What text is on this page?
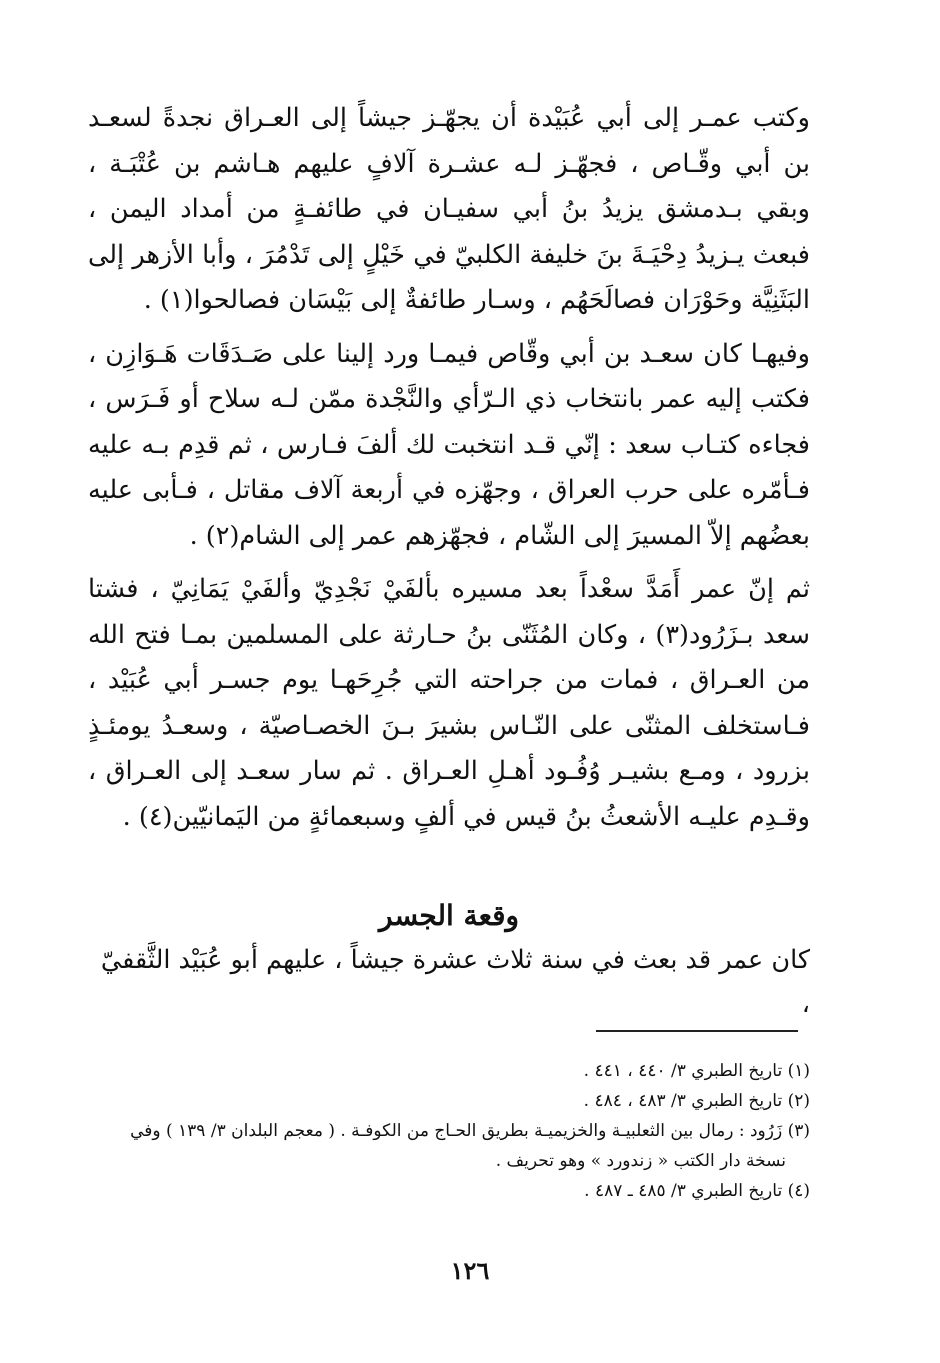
وكتب عمـر إلى أبي عُبَيْدة أن يجهّـز جيشاً إلى العـراق نجدةً لسعـد بن أبي وقّـاص ، فجهّـز لـه عشـرة آلافٍ عليهم هـاشم بن عُتْبَـة ، وبقي بـدمشق يزيدُ بنُ أبي سفيـان في طائفـةٍ من أمداد اليمن ، فبعث يـزيدُ دِحْيَـةَ بنَ خليفة الكلبيّ في خَيْلٍ إلى تَدْمُرَ ، وأبا الأزهر إلى البَثَنِيَّة وحَوْرَان فصالَحَهُم ، وسـار طائفةٌ إلى بَيْسَان فصالحوا(١) .

وفيهـا كان سعـد بن أبي وقّاص فيمـا ورد إلينا على صَـدَقَات هَـوَازِن ، فكتب إليه عمر بانتخاب ذي الـرّأي والنَّجْدة ممّن لـه سلاح أو فَـرَس ، فجاءه كتـاب سعد : إنّي قـد انتخبت لك ألفَ فـارس ، ثم قدِم بـه عليه فـأمّره على حرب العراق ، وجهّزه في أربعة آلاف مقاتل ، فـأبى عليه بعضُهم إلاّ المسيرَ إلى الشّام ، فجهّزهم عمر إلى الشام(٢) .

ثم إنّ عمر أَمَدَّ سعْداً بعد مسيره بألفَيْ نَجْدِيّ وألفَيْ يَمَانِيّ ، فشتا سعد بـزَرُود(٣) ، وكان المُثَنّى بنُ حـارثة على المسلمين بمـا فتح الله من العـراق ، فمات من جراحته التي جُرِحَهـا يوم جسـر أبي عُبَيْد ، فـاستخلف المثنّى على النّـاس بشيرَ بـنَ الخصـاصيّة ، وسعـدُ يومئـذٍ بزرود ، ومـع بشيـر وُفُـود أهـلِ العـراق . ثم سار سعـد إلى العـراق ، وقـدِم عليـه الأشعثُ بنُ قيس في ألفٍ وسبعمائةٍ من اليَمانيّين(٤) .

وقعة الجسر

كان عمر قد بعث في سنة ثلاث عشرة جيشاً ، عليهم أبو عُبَيْد الثَّقفيّ ،

(١) تاريخ الطبري ٣/ ٤٤٠ ، ٤٤١ .

(٢) تاريخ الطبري ٣/ ٤٨٣ ، ٤٨٤ .

(٣) زَرُود : رمال بين الثعلبيـة والخزيميـة بطريق الحـاج من الكوفـة . ( معجم البلدان ٣/ ١٣٩ ) وفي

نسخة دار الكتب « زندورد » وهو تحريف .

(٤) تاريخ الطبري ٣/ ٤٨٥ ـ ٤٨٧ .

١٢٦
